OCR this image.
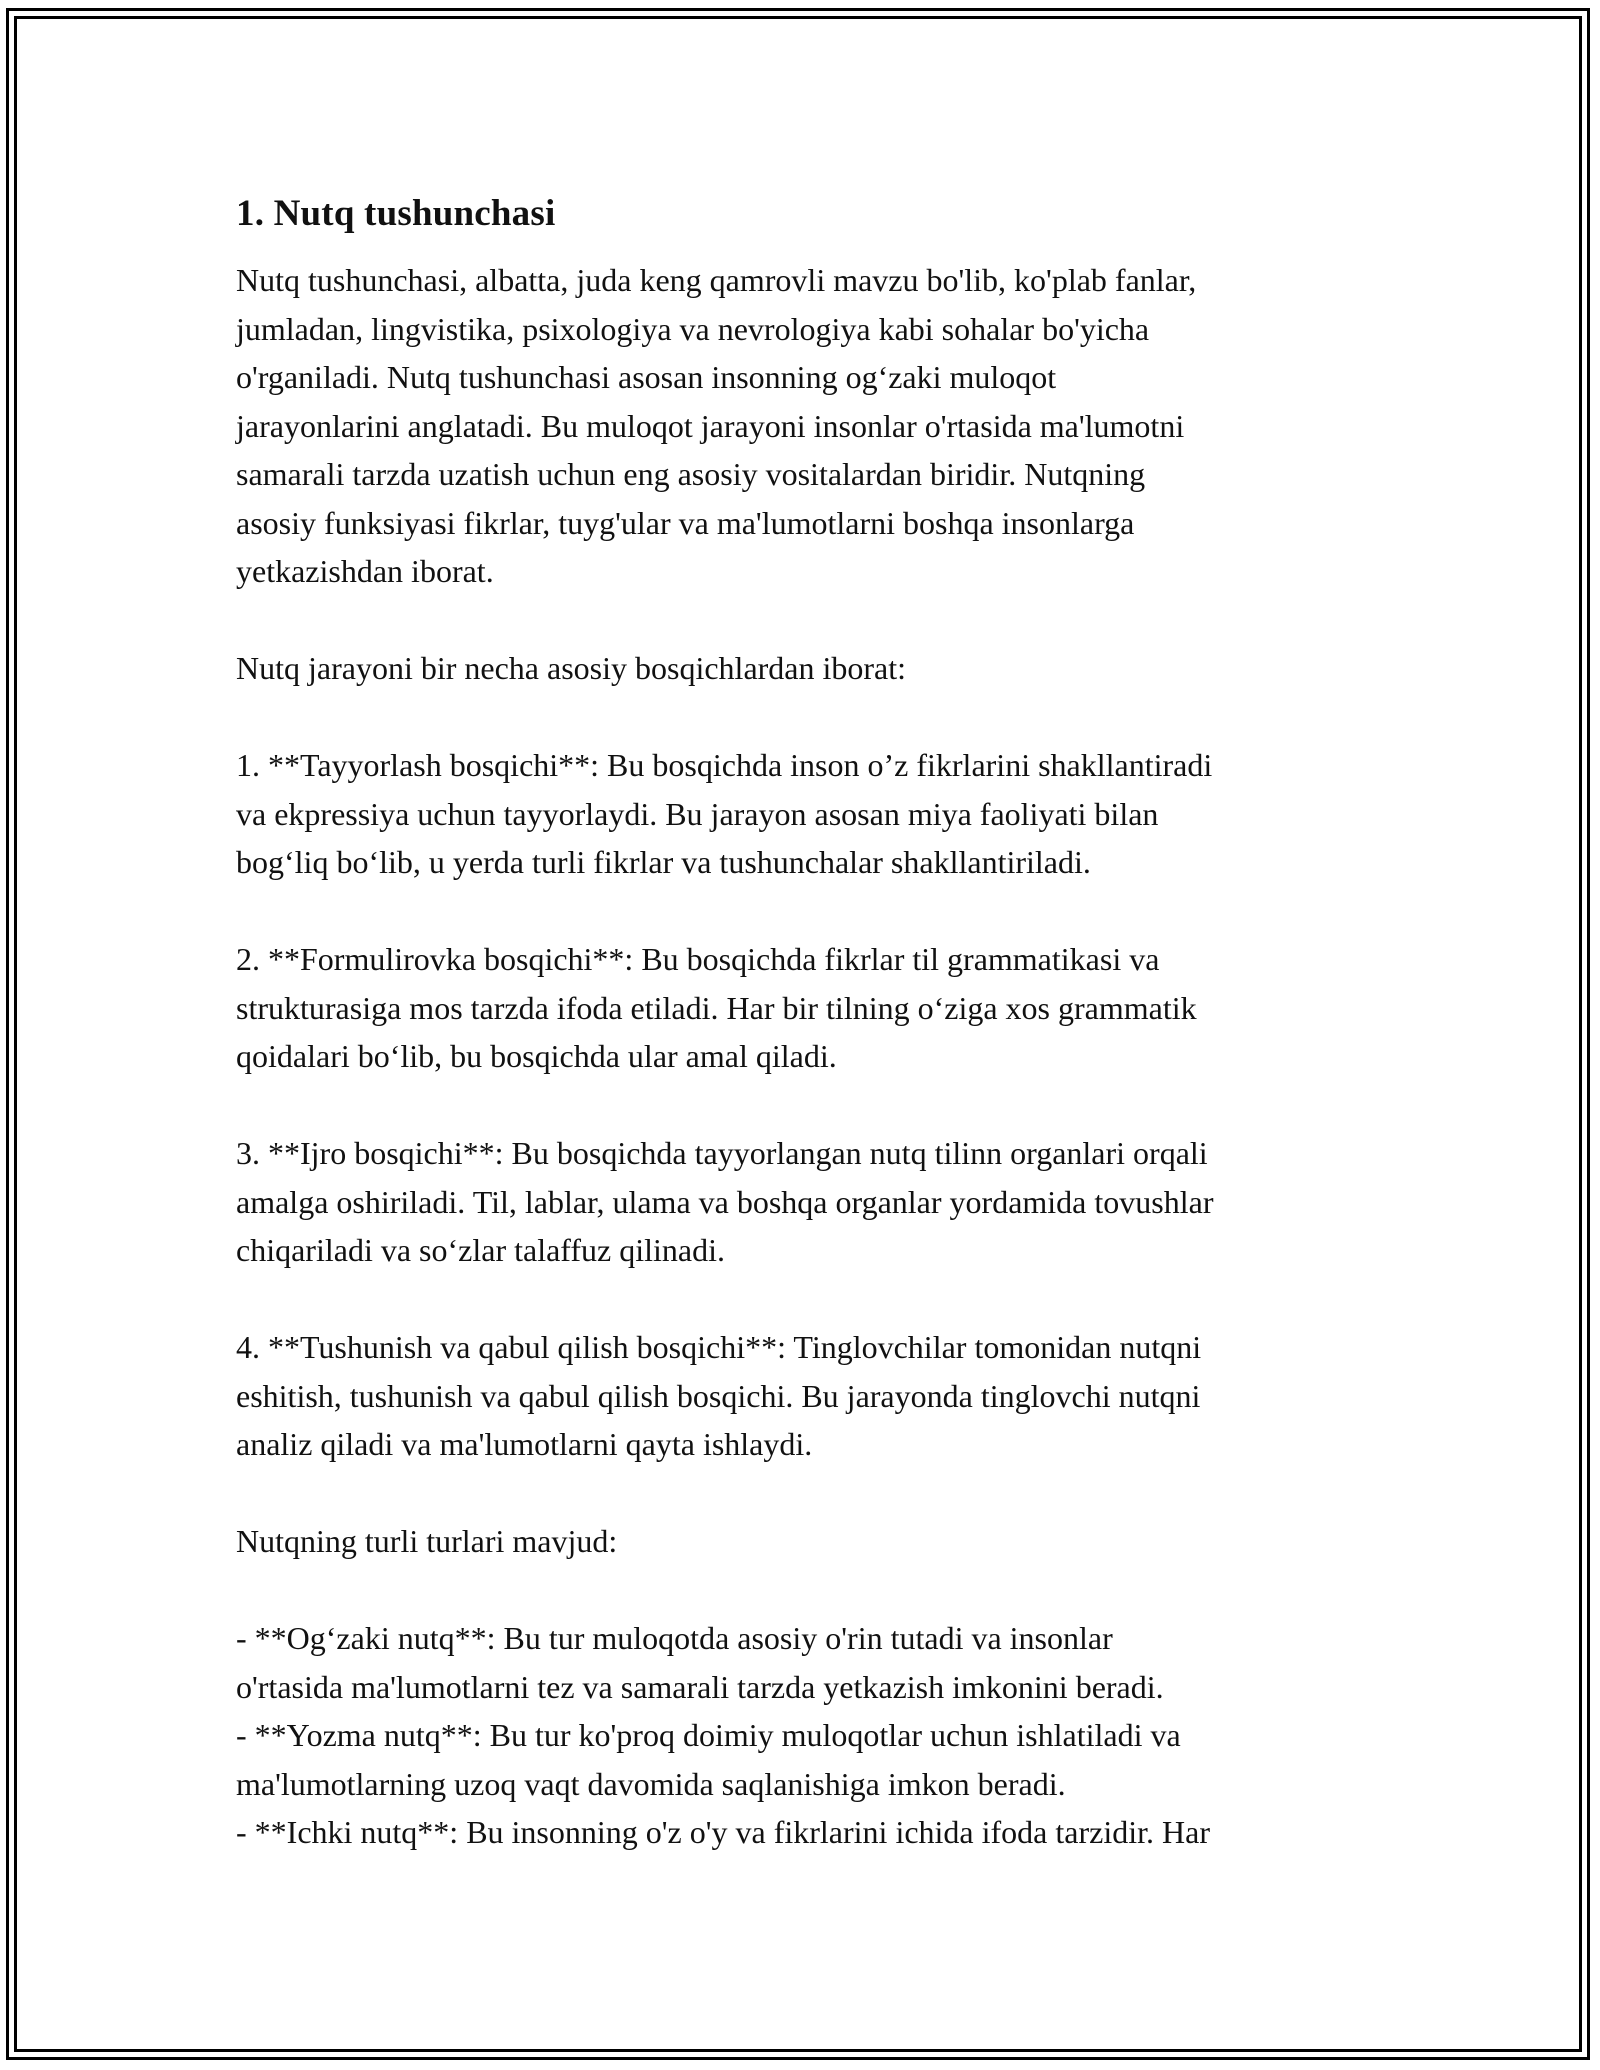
1. Nutq tushunchasi

Nutq tushunchasi, albatta, juda keng qamrovli mavzu bo'lib, ko'plab fanlar,
jumladan, lingvistika, psixologiya va nevrologiya kabi sohalar bo'yicha
o'rganiladi. Nutq tushunchasi asosan insonning og‘zaki muloqot
jarayonlarini anglatadi. Bu muloqot jarayoni insonlar o'rtasida ma'lumotni
samarali tarzda uzatish uchun eng asosiy vositalardan biridir. Nutqning
asosiy funksiyasi fikrlar, tuyg'ular va ma'lumotlarni boshqa insonlarga
yetkazishdan iborat.

Nutq jarayoni bir necha asosiy bosqichlardan iborat:

1. **Tayyorlash bosqichi**: Bu bosqichda inson o’z fikrlarini shakllantiradi
va ekpressiya uchun tayyorlaydi. Bu jarayon asosan miya faoliyati bilan
bog‘liq bo‘lib, u yerda turli fikrlar va tushunchalar shakllantiriladi.

2. **Formulirovka bosqichi**: Bu bosqichda fikrlar til grammatikasi va
strukturasiga mos tarzda ifoda etiladi. Har bir tilning o‘ziga xos grammatik
qoidalari bo‘lib, bu bosqichda ular amal qiladi.

3. **Ijro bosqichi**: Bu bosqichda tayyorlangan nutq tilinn organlari orqali
amalga oshiriladi. Til, lablar, ulama va boshqa organlar yordamida tovushlar
chiqariladi va so‘zlar talaffuz qilinadi.

4. **Tushunish va qabul qilish bosqichi**: Tinglovchilar tomonidan nutqni
eshitish, tushunish va qabul qilish bosqichi. Bu jarayonda tinglovchi nutqni
analiz qiladi va ma'lumotlarni qayta ishlaydi.

Nutqning turli turlari mavjud:

- **Og‘zaki nutq**: Bu tur muloqotda asosiy o'rin tutadi va insonlar
o'rtasida ma'lumotlarni tez va samarali tarzda yetkazish imkonini beradi.

- **Yozma nutq**: Bu tur ko'proq doimiy muloqotlar uchun ishlatiladi va
ma'lumotlarning uzoq vaqt davomida saqlanishiga imkon beradi.

- **Ichki nutq**: Bu insonning o'z o'y va fikrlarini ichida ifoda tarzidir. Har
